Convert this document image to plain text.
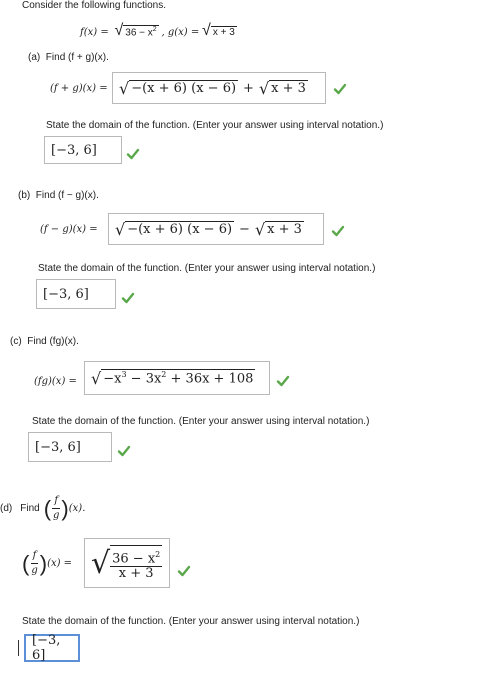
Consider the following functions.
f(x) = √ $36 - x^2$ , g(x) = √ x + 3
(a) Find (f + g)(x).
(f + g)(x) = √ −(x + 6) (x − 6) + √ x + 3
State the domain of the function. (Enter your answer using interval notation.)
[−3, 6]
(b) Find (f − g)(x).
(f − g)(x) = √ −(x + 6) (x − 6) − √ x + 3
State the domain of the function. (Enter your answer using interval notation.)
[−3, 6]
(c) Find (fg)(x).
(fg)(x) = √ $-x^3 - 3x^2 + 36x + 108$
State the domain of the function. (Enter your answer using interval notation.)
[−3, 6]
(d) Find ( $\frac{f}{g}$ ) (x).
( $\frac{f}{g}$ ) (x) = √ $\frac{36 - x^2}{x + 3}$
State the domain of the function. (Enter your answer using interval notation.)
[−3, 6]
